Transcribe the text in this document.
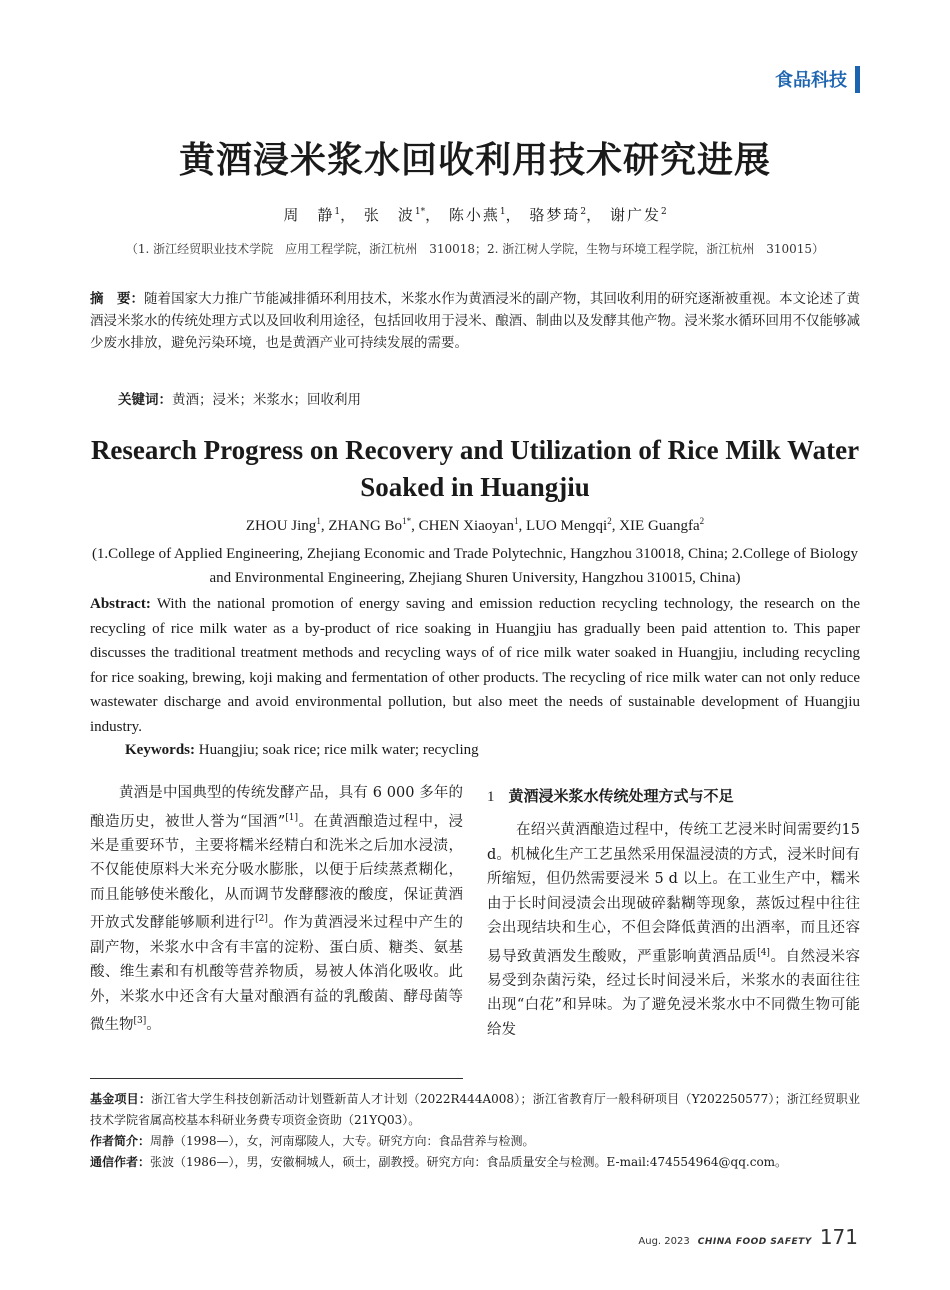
食品科技
黄酒浸米浆水回收利用技术研究进展
周　静$^1$， 张　波$^{1*}$， 陈小燕$^1$， 骆梦琦$^2$， 谢广发$^2$
（1. 浙江经贸职业技术学院　应用工程学院，浙江杭州　310018；2. 浙江树人学院，生物与环境工程学院，浙江杭州　310015）
摘　要：随着国家大力推广节能减排循环利用技术，米浆水作为黄酒浸米的副产物，其回收利用的研究逐渐被重视。本文论述了黄酒浸米浆水的传统处理方式以及回收利用途径，包括回收用于浸米、酿酒、制曲以及发酵其他产物。浸米浆水循环回用不仅能够减少废水排放，避免污染环境，也是黄酒产业可持续发展的需要。
关键词：黄酒；浸米；米浆水；回收利用
Research Progress on Recovery and Utilization of Rice Milk Water Soaked in Huangjiu
ZHOU Jing$^1$, ZHANG $Bo^{1*}$, CHEN Xiaoyan$^1$, LUO Mengqi$^2$, XIE Guangfa$^2$
(1.College of Applied Engineering, Zhejiang Economic and Trade Polytechnic, Hangzhou 310018, China; 2.College of Biology and Environmental Engineering, Zhejiang Shuren University, Hangzhou 310015, China)
Abstract: With the national promotion of energy saving and emission reduction recycling technology, the research on the recycling of rice milk water as a by-product of rice soaking in Huangjiu has gradually been paid attention to. This paper discusses the traditional treatment methods and recycling ways of of rice milk water soaked in Huangjiu, including recycling for rice soaking, brewing, koji making and fermentation of other products. The recycling of rice milk water can not only reduce wastewater discharge and avoid environmental pollution, but also meet the needs of sustainable development of Huangjiu industry.
Keywords: Huangjiu; soak rice; rice milk water; recycling

黄酒是中国典型的传统发酵产品，具有 6 000 多年的酿造历史，被世人誉为“国酒”[1]。在黄酒酿造过程中，浸米是重要环节，主要将糯米经精白和洗米之后加水浸渍，不仅能使原料大米充分吸水膨胀，以便于后续蒸煮糊化，而且能够使米酸化，从而调节发酵醪液的酸度，保证黄酒开放式发酵能够顺利进行[2]。作为黄酒浸米过程中产生的副产物，米浆水中含有丰富的淀粉、蛋白质、糖类、氨基酸、维生素和有机酸等营养物质，易被人体消化吸收。此外，米浆水中还含有大量对酿酒有益的乳酸菌、酵母菌等微生物[3]。

1 黄酒浸米浆水传统处理方式与不足

在绍兴黄酒酿造过程中，传统工艺浸米时间需要约15 d。机械化生产工艺虽然采用保温浸渍的方式，浸米时间有所缩短，但仍然需要浸米 5 d 以上。在工业生产中，糯米由于长时间浸渍会出现破碎黏糊等现象，蒸饭过程中往往会出现结块和生心，不但会降低黄酒的出酒率，而且还容易导致黄酒发生酸败，严重影响黄酒品质[4]。自然浸米容易受到杂菌污染，经过长时间浸米后，米浆水的表面往往出现“白花”和异味。为了避免浸米浆水中不同微生物可能给发

基金项目：浙江省大学生科技创新活动计划暨新苗人才计划（2022R444A008）；浙江省教育厅一般科研项目（Y202250577）；浙江经贸职业技术学院省属高校基本科研业务费专项资金资助（21YQ03）。
作者简介：周静（1998—），女，河南鄢陵人，大专。研究方向：食品营养与检测。
通信作者：张波（1986—），男，安徽桐城人，硕士，副教授。研究方向：食品质量安全与检测。E-mail:474554964@qq.com。
Aug. 2023 CHINA FOOD SAFETY 171
